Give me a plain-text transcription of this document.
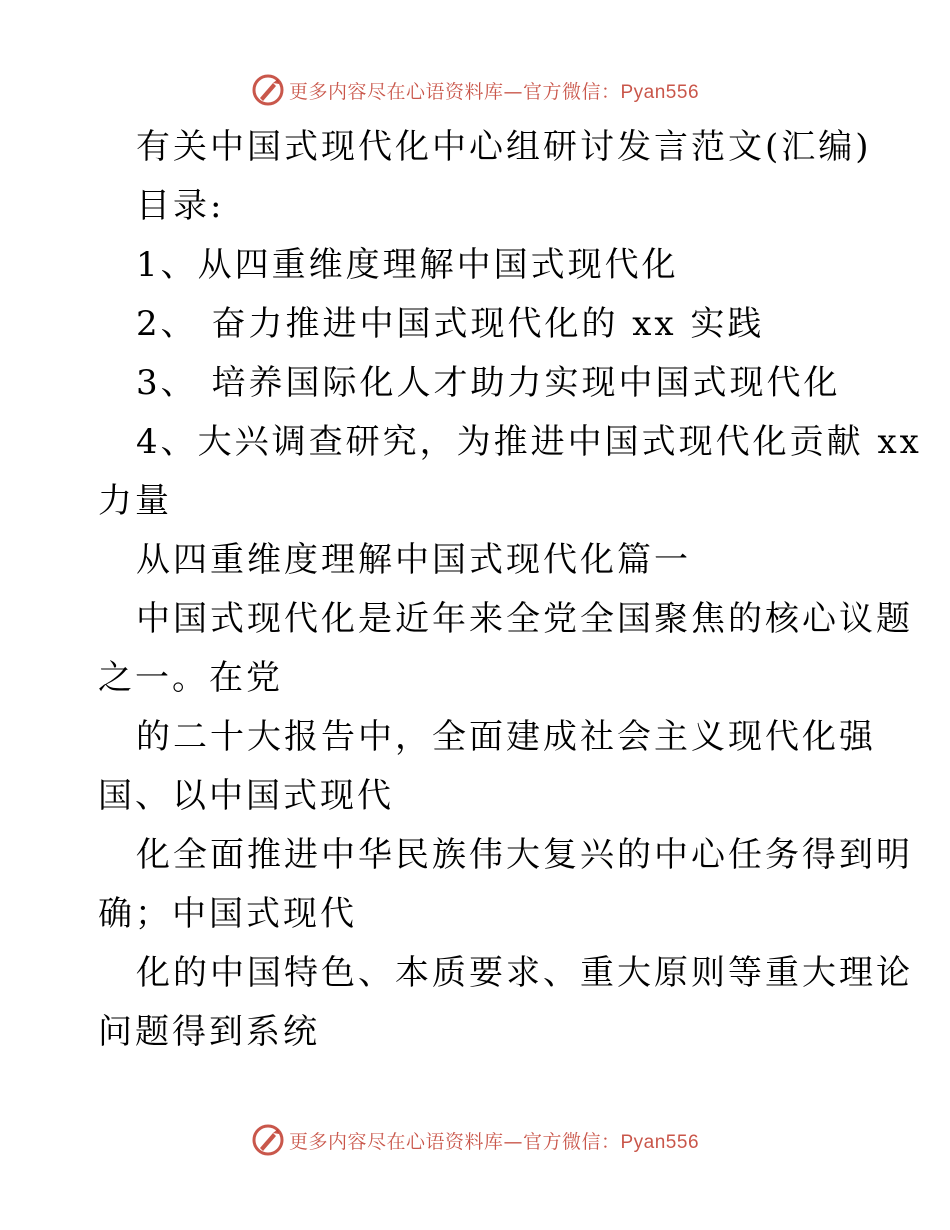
更多内容尽在心语资料库—官方微信：Pyan556
有关中国式现代化中心组研讨发言范文(汇编)
目录:
1、从四重维度理解中国式现代化
2、 奋力推进中国式现代化的 xx 实践
3、 培养国际化人才助力实现中国式现代化
4、大兴调查研究，为推进中国式现代化贡献 xx
力量
从四重维度理解中国式现代化篇一
中国式现代化是近年来全党全国聚焦的核心议题
之一。在党
的二十大报告中，全面建成社会主义现代化强
国、以中国式现代
化全面推进中华民族伟大复兴的中心任务得到明
确；中国式现代
化的中国特色、本质要求、重大原则等重大理论
问题得到系统
更多内容尽在心语资料库—官方微信：Pyan556
